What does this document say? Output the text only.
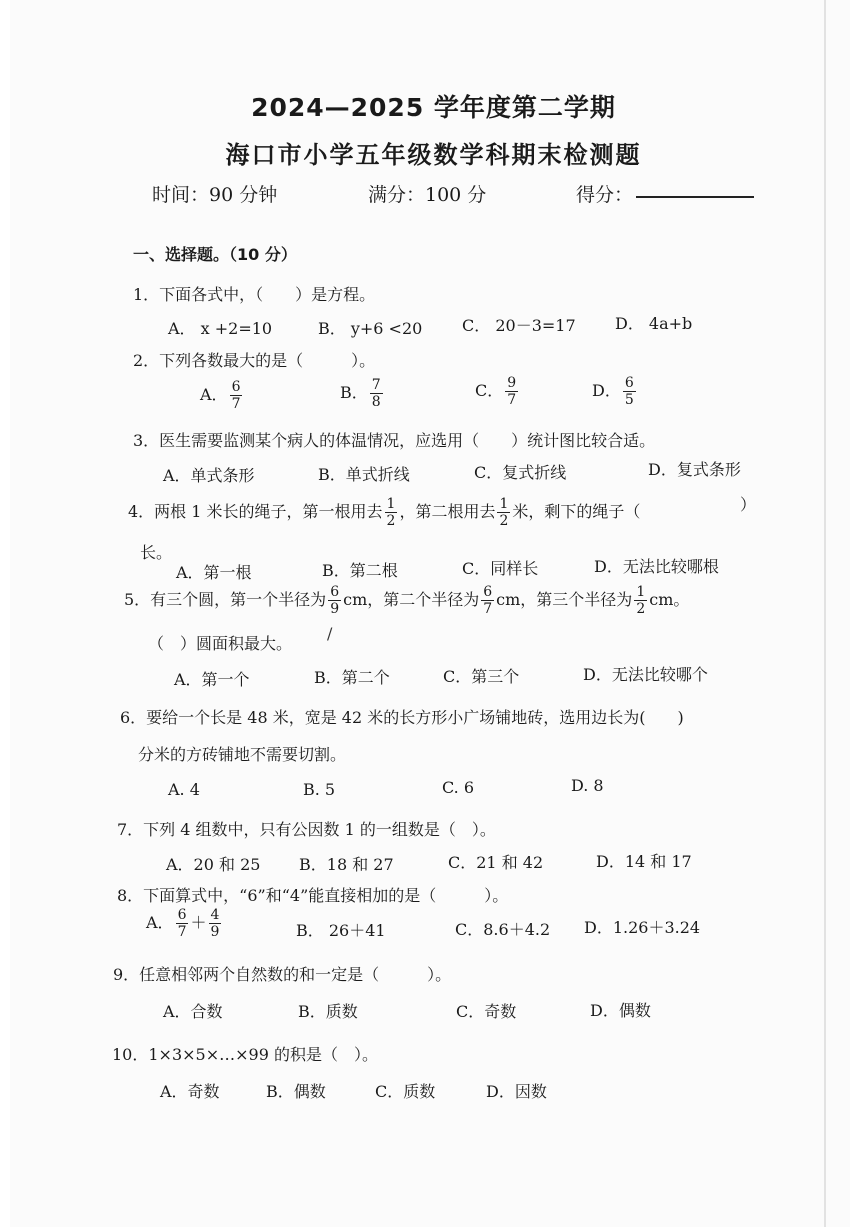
2024—2025 学年度第二学期
海口市小学五年级数学科期末检测题
时间：90 分钟	满分：100 分	得分：
一、选择题。（10 分）
1．下面各式中，（　　）是方程。
A． x +2=10	B． y+6 <20 C． 20－3=17 D． 4a+b
2．下列各数最大的是（　　　）。
A． $\frac{6}{7}$	B． $\frac{7}{8}$	C． $\frac{9}{7}$	D． $\frac{6}{5}$
3．医生需要监测某个病人的体温情况，应选用（　　）统计图比较合适。
A．单式条形	B．单式折线	C．复式折线	D．复式条形
4．两根 1 米长的绳子，第一根用去 $\frac{1}{2}$ ，第二根用去 $\frac{1}{2}$ 米，剩下的绳子（	）
长。
A．第一根	B．第二根	C．同样长	D．无法比较哪根
5．有三个圆，第一个半径为 $\frac{6}{9}$ cm，第二个半径为 $\frac{6}{7}$ cm，第三个半径为 $\frac{1}{2}$ cm。
（　）圆面积最大。
/
A．第一个	B．第二个	C．第三个	D．无法比较哪个
6．要给一个长是 48 米，宽是 42 米的长方形小广场铺地砖，选用边长为(　　)
分米的方砖铺地不需要切割。
A. 4	B. 5	C. 6	D. 8
7．下列 4 组数中，只有公因数 1 的一组数是（　）。
A．20 和 25 B．18 和 27	C．21 和 42	D．14 和 17
8．下面算式中，“6”和“4”能直接相加的是（　　　）。
A． $\frac{6}{7} + \frac{4}{9}$	B． 26＋41	C．8.6＋4.2 D．1.26＋3.24
9．任意相邻两个自然数的和一定是（　　　）。
A．合数	B．质数	C．奇数	D．偶数
10．1×3×5×…×99 的积是（　）。
A．奇数	B．偶数	C．质数	D．因数
